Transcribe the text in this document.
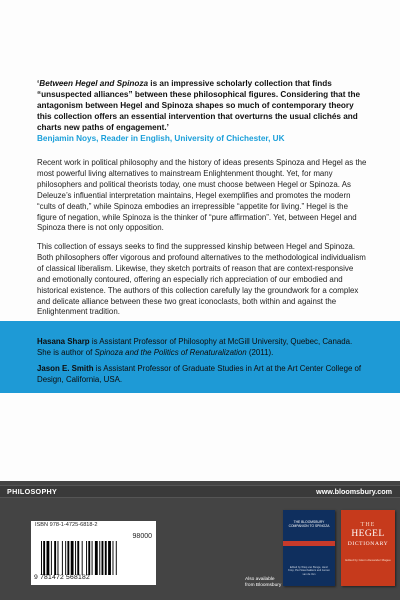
‘Between Hegel and Spinoza is an impressive scholarly collection that finds “unsuspected alliances” between these philosophical figures. Considering that the antagonism between Hegel and Spinoza shapes so much of contemporary theory this collection offers an essential intervention that overturns the usual clichés and charts new paths of engagement.’
Benjamin Noys, Reader in English, University of Chichester, UK
Recent work in political philosophy and the history of ideas presents Spinoza and Hegel as the most powerful living alternatives to mainstream Enlightenment thought. Yet, for many philosophers and political theorists today, one must choose between Hegel or Spinoza. As Deleuze’s influential interpretation maintains, Hegel exemplifies and promotes the modern “cults of death,” while Spinoza embodies an irrepressible “appetite for living.” Hegel is the figure of negation, while Spinoza is the thinker of “pure affirmation”. Yet, between Hegel and Spinoza there is not only opposition.
This collection of essays seeks to find the suppressed kinship between Hegel and Spinoza. Both philosophers offer vigorous and profound alternatives to the methodological individualism of classical liberalism. Likewise, they sketch portraits of reason that are context-responsive and emotionally contoured, offering an especially rich appreciation of our embodied and historical existence. The authors of this collection carefully lay the groundwork for a complex and delicate alliance between these two great iconoclasts, both within and against the Enlightenment tradition.
Hasana Sharp is Assistant Professor of Philosophy at McGill University, Quebec, Canada. She is author of Spinoza and the Politics of Renaturalization (2011).
Jason E. Smith is Assistant Professor of Graduate Studies in Art at the Art Center College of Design, California, USA.
PHILOSOPHY	www.bloomsbury.com
ISBN 978-1-4725-6818-2
98000
9 781472 568182	Also available
from Bloomsbury
THE BLOOMSBURY COMPANION TO SPINOZA
Edited by Wiep van Bunge, Henri Krop, Piet Steenbakkers and Jeroen van de Ven
THE
HEGEL
DICTIONARY
Edited by Glenn Alexander Magee
